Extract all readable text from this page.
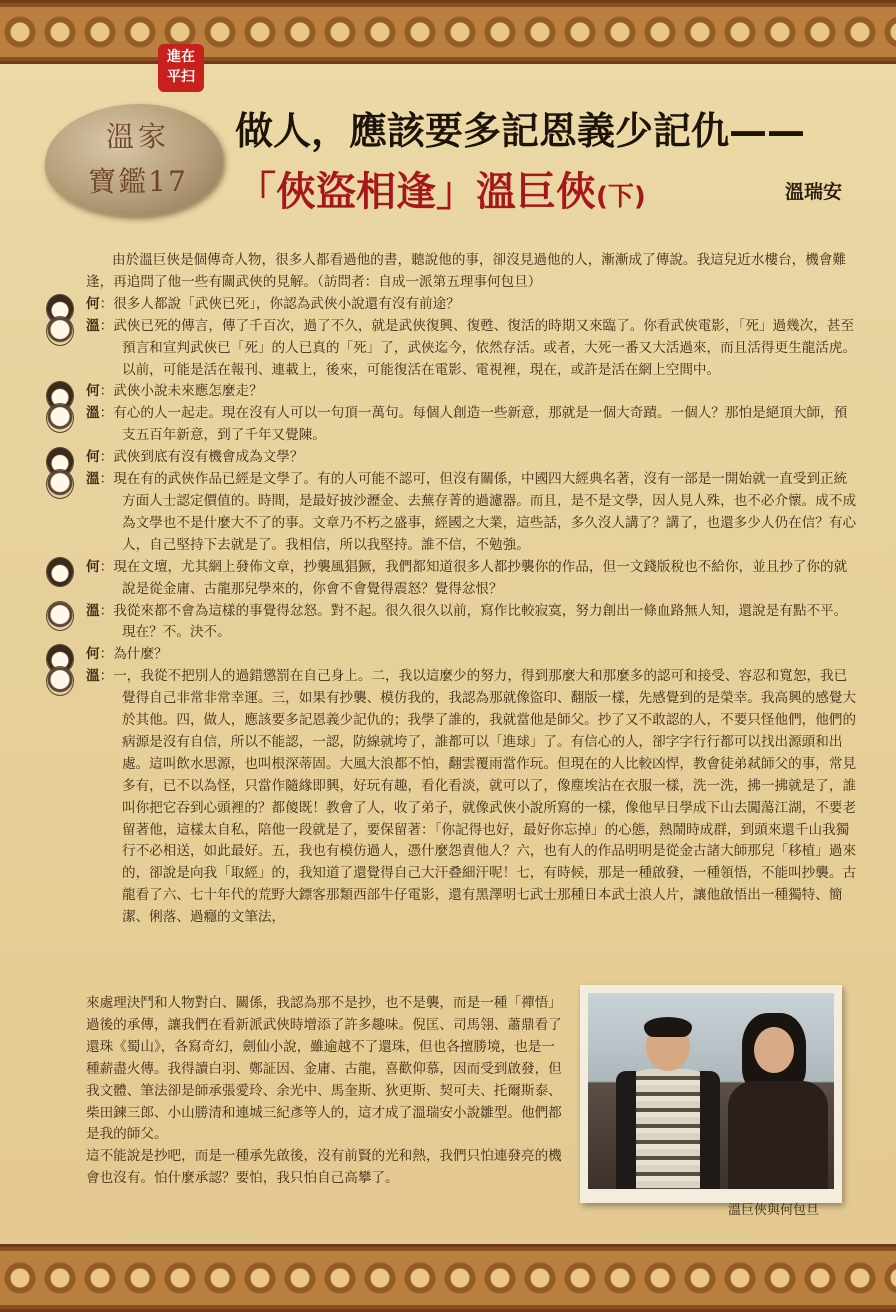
進在
平扫
溫家
寶鑑17
做人，應該要多記恩義少記仇——
「俠盜相逢」溫巨俠(下)	溫瑞安

由於溫巨俠是個傳奇人物，很多人都看過他的書，聽說他的事，卻沒見過他的人，漸漸成了傳說。我這兒近水樓台，機會難逢，再追問了他一些有關武俠的見解。（訪問者：自成一派第五理事何包旦）

何：很多人都說「武俠已死」，你認為武俠小說還有沒有前途？

溫：武俠已死的傳言，傳了千百次，過了不久，就是武俠復興、復甦、復活的時期又來臨了。你看武俠電影，「死」過幾次，甚至預言和宣判武俠已「死」的人已真的「死」了，武俠迄今，依然存活。或者，大死一番又大活過來，而且活得更生龍活虎。以前，可能是活在報刊、連載上，後來，可能復活在電影、電視裡，現在，或許是活在網上空間中。

何：武俠小說未來應怎麼走？

溫：有心的人一起走。現在沒有人可以一句頂一萬句。每個人創造一些新意，那就是一個大奇蹟。一個人？那怕是絕頂大師，預支五百年新意，到了千年又覺陳。

何：武俠到底有沒有機會成為文學？

溫：現在有的武俠作品已經是文學了。有的人可能不認可，但沒有關係，中國四大經典名著，沒有一部是一開始就一直受到正統方面人士認定價值的。時間，是最好披沙瀝金、去蕪存菁的過濾器。而且，是不是文學，因人見人殊，也不必介懷。成不成為文學也不是什麼大不了的事。文章乃不朽之盛事，經國之大業，這些話，多久沒人講了？講了，也還多少人仍在信？有心人，自己堅持下去就是了。我相信，所以我堅持。誰不信，不勉強。

何：現在文壇，尤其網上發佈文章，抄襲風猖獗，我們都知道很多人都抄襲你的作品，但一文錢版稅也不給你，並且抄了你的就說是從金庸、古龍那兒學來的，你會不會覺得震怒？覺得忿恨？

溫：我從來都不會為這樣的事覺得忿怒。對不起。很久很久以前，寫作比較寂寞，努力創出一條血路無人知，還說是有點不平。現在？不。決不。

何：為什麼？

溫：一，我從不把別人的過錯懲罰在自己身上。二，我以這麼少的努力，得到那麼大和那麼多的認可和接受、容忍和寬恕，我已覺得自己非常非常幸運。三，如果有抄襲、模仿我的，我認為那就像盜印、翻版一樣，先感覺到的是榮幸。我高興的感覺大於其他。四，做人，應該要多記恩義少記仇的；我學了誰的，我就當他是師父。抄了又不敢認的人，不要只怪他們，他們的病源是沒有自信，所以不能認，一認，防線就垮了，誰都可以「進球」了。有信心的人，卻字字行行都可以找出源頭和出處。這叫飲水思源，也叫根深蒂固。大風大浪都不怕，翻雲覆雨當作玩。但現在的人比較凶悍，教會徒弟弒師父的事，常見多有，已不以為怪，只當作隨緣即興，好玩有趣，看化看淡，就可以了，像塵埃沾在衣服一樣，洗一洗，拂一拂就是了，誰叫你把它吞到心頭裡的？都傻既！教會了人，收了弟子，就像武俠小說所寫的一樣，像他早日學成下山去闖蕩江湖，不要老留著他，這樣太自私，陪他一段就是了，要保留著：「你記得也好，最好你忘掉」的心態，熱鬧時成群，到頭來還千山我獨行不必相送，如此最好。五，我也有模仿過人，憑什麼怨責他人？六，也有人的作品明明是從金古諸大師那兒「移植」過來的，卻說是向我「取經」的，我知道了還覺得自己大汗叠細汗呢！七，有時候，那是一種啟發，一種領悟，不能叫抄襲。古龍看了六、七十年代的荒野大鏢客那類西部牛仔電影，還有黑澤明七武士那種日本武士浪人片，讓他啟悟出一種獨特、簡潔、俐落、過癮的文筆法，

來處理決鬥和人物對白、關係，我認為那不是抄，也不是襲，而是一種「禪悟」過後的承傳，讓我們在看新派武俠時增添了許多趣味。倪匡、司馬翎、蕭鼎看了還珠《蜀山》，各寫奇幻，劍仙小說，雖逾越不了還珠，但也各擅勝境，也是一種薪盡火傳。我得讀白羽、鄭証因、金庸、古龍，喜歡仰慕，因而受到啟發，但我文體、筆法卻是師承張愛玲、余光中、馬奎斯、狄更斯、契可夫、托爾斯泰、柴田鍊三郎、小山勝清和連城三紀彥等人的，這才成了溫瑞安小說雛型。他們都是我的師父。

這不能說是抄吧，而是一種承先啟後，沒有前賢的光和熱，我們只怕連發亮的機會也沒有。怕什麼承認？要怕，我只怕自己高攀了。

溫巨俠與何包旦
